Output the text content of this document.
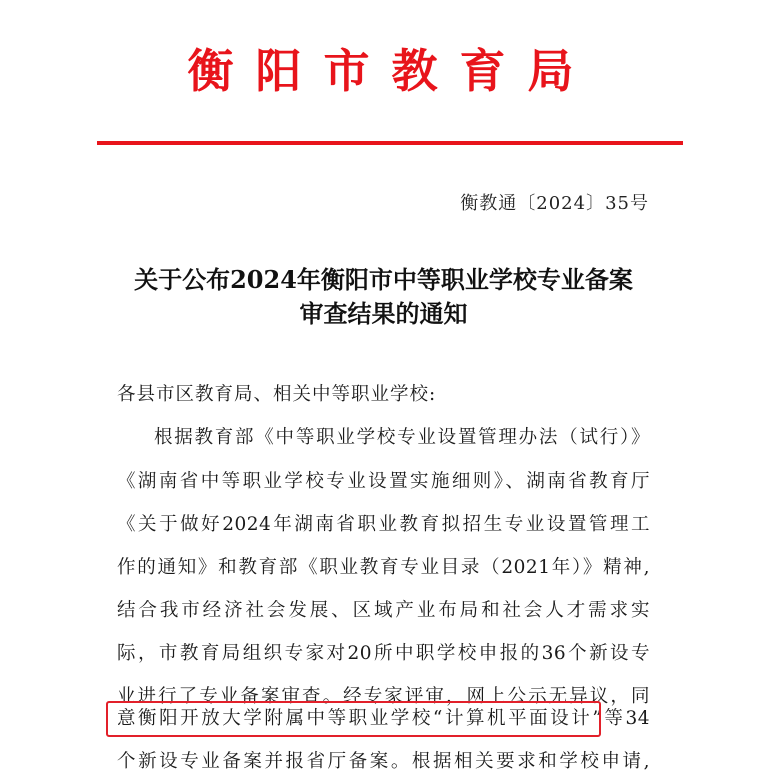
衡阳市教育局
衡教通〔2024〕35号
关于公布2024年衡阳市中等职业学校专业备案
审查结果的通知
各县市区教育局、相关中等职业学校:
根据教育部《中等职业学校专业设置管理办法（试行）》
《湖南省中等职业学校专业设置实施细则》、湖南省教育厅
《关于做好2024年湖南省职业教育拟招生专业设置管理工
作的通知》和教育部《职业教育专业目录（2021年）》精神,
结合我市经济社会发展、区域产业布局和社会人才需求实
际，市教育局组织专家对20所中职学校申报的36个新设专
业进行了专业备案审查。经专家评审，网上公示无异议，同
意衡阳开放大学附属中等职业学校“计算机平面设计”等34
个新设专业备案并报省厅备案。根据相关要求和学校申请,
